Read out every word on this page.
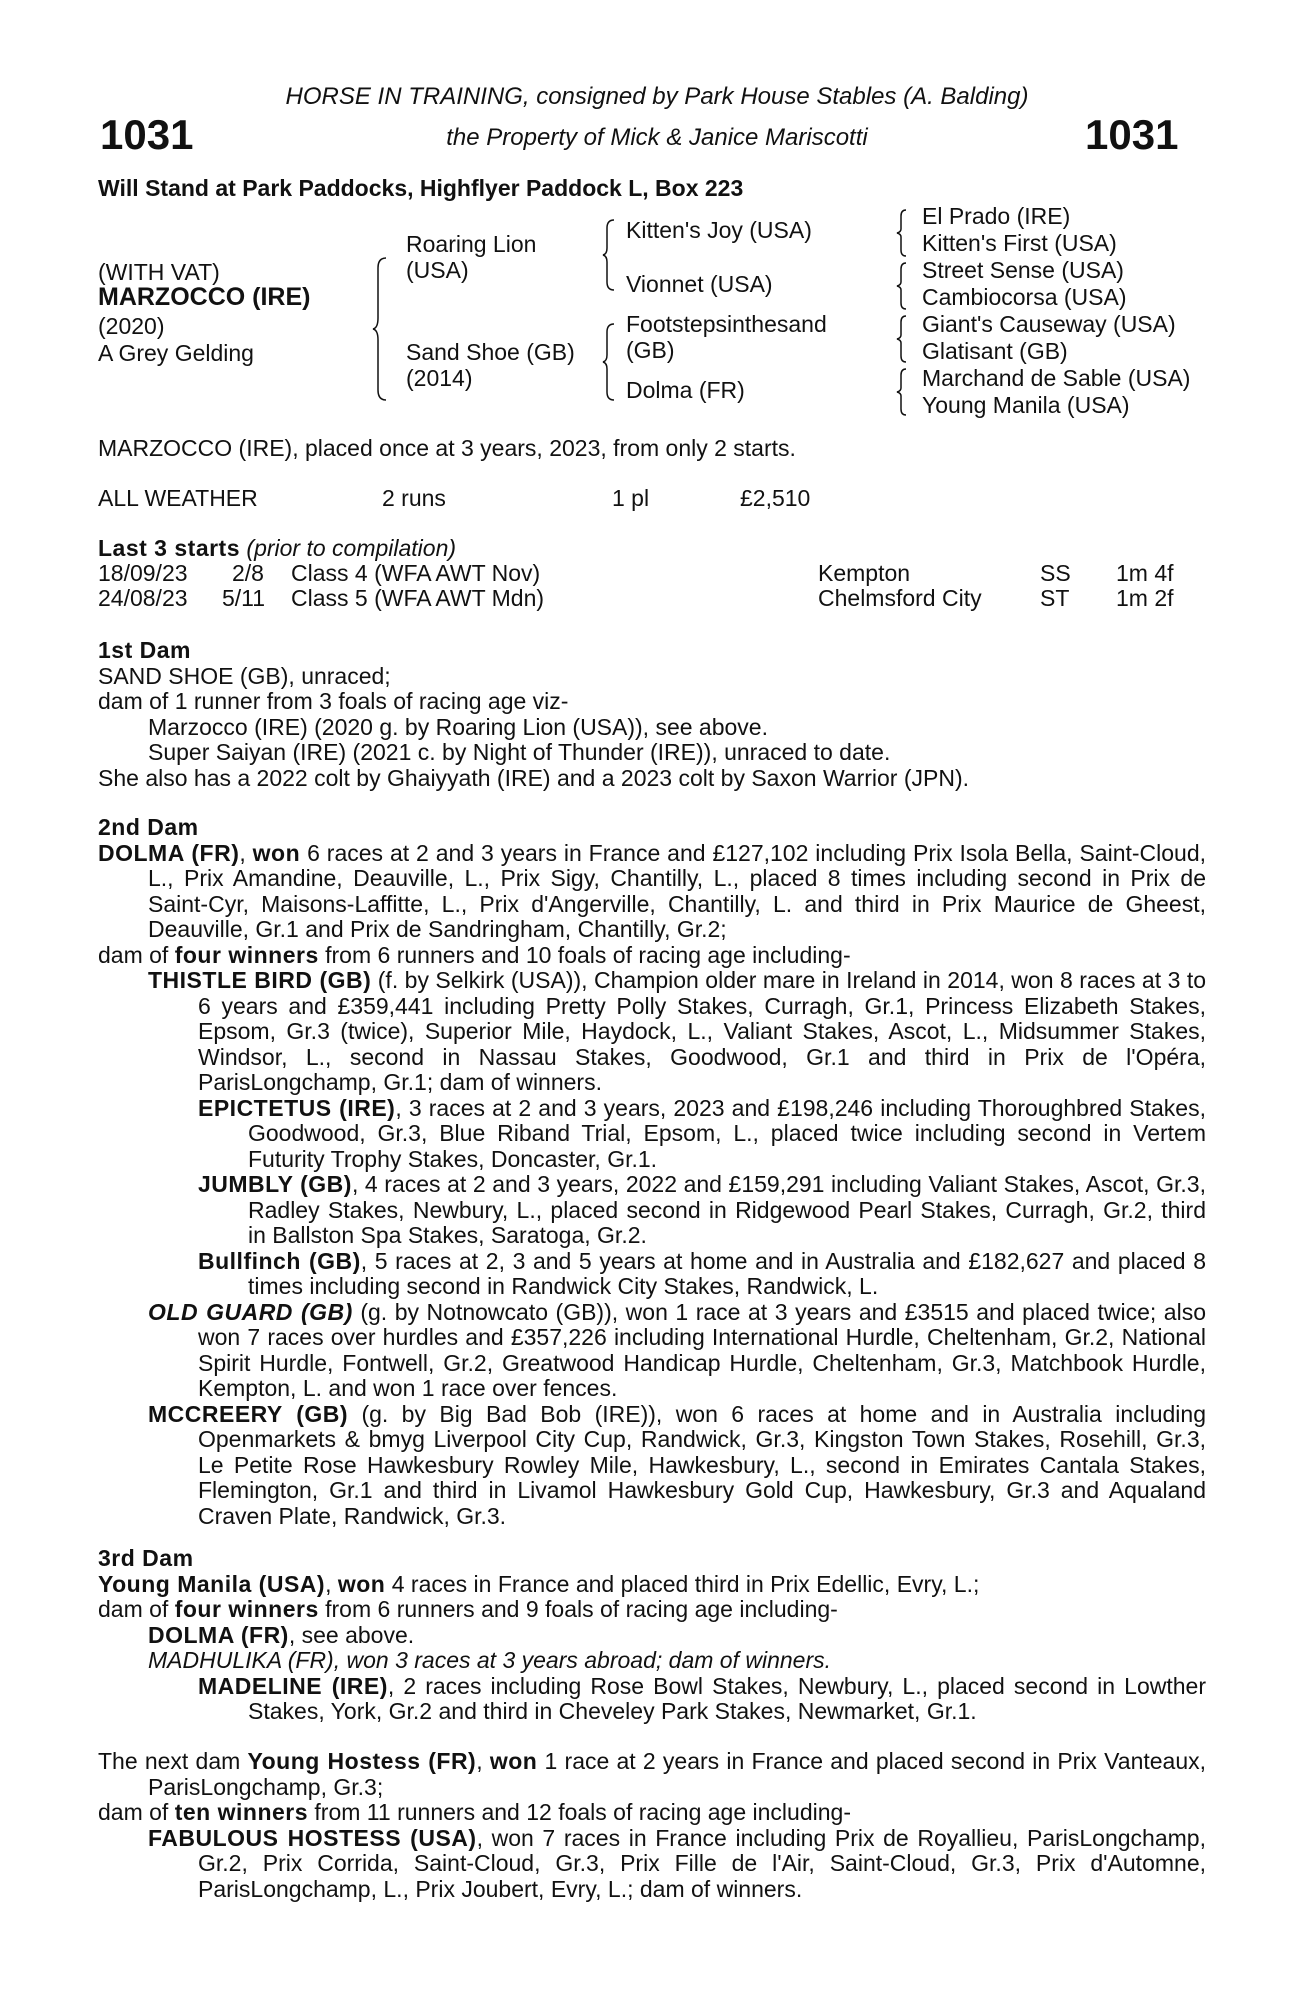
HORSE IN TRAINING, consigned by Park House Stables (A. Balding)
the Property of Mick & Janice Mariscotti
1031	1031
Will Stand at Park Paddocks, Highflyer Paddock L, Box 223
(WITH VAT)
MARZOCCO (IRE)
(2020)
A Grey Gelding
Roaring Lion
(USA)
Sand Shoe (GB)
(2014)
Kitten's Joy (USA)
Vionnet (USA)
Footstepsinthesand
(GB)
Dolma (FR)
El Prado (IRE)
Kitten's First (USA)
Street Sense (USA)
Cambiocorsa (USA)
Giant's Causeway (USA)
Glatisant (GB)
Marchand de Sable (USA)
Young Manila (USA)
MARZOCCO (IRE), placed once at 3 years, 2023, from only 2 starts.
ALL WEATHER	2 runs	1 pl	£2,510
Last 3 starts (prior to compilation)
18/09/23 2/8 Class 4 (WFA AWT Nov)	Kempton	SS 1m 4f
24/08/23 5/11 Class 5 (WFA AWT Mdn)	Chelmsford City	ST 1m 2f
1st Dam
SAND SHOE (GB), unraced;
dam of 1 runner from 3 foals of racing age viz-
Marzocco (IRE) (2020 g. by Roaring Lion (USA)), see above.
Super Saiyan (IRE) (2021 c. by Night of Thunder (IRE)), unraced to date.
She also has a 2022 colt by Ghaiyyath (IRE) and a 2023 colt by Saxon Warrior (JPN).
2nd Dam
DOLMA (FR), won 6 races at 2 and 3 years in France and £127,102 including Prix Isola Bella, Saint-Cloud, L., Prix Amandine, Deauville, L., Prix Sigy, Chantilly, L., placed 8 times including second in Prix de Saint-Cyr, Maisons-Laffitte, L., Prix d'Angerville, Chantilly, L. and third in Prix Maurice de Gheest, Deauville, Gr.1 and Prix de Sandringham, Chantilly, Gr.2;
dam of four winners from 6 runners and 10 foals of racing age including-
THISTLE BIRD (GB) (f. by Selkirk (USA)), Champion older mare in Ireland in 2014, won 8 races at 3 to 6 years and £359,441 including Pretty Polly Stakes, Curragh, Gr.1, Princess Elizabeth Stakes, Epsom, Gr.3 (twice), Superior Mile, Haydock, L., Valiant Stakes, Ascot, L., Midsummer Stakes, Windsor, L., second in Nassau Stakes, Goodwood, Gr.1 and third in Prix de l'Opéra, ParisLongchamp, Gr.1; dam of winners.
EPICTETUS (IRE), 3 races at 2 and 3 years, 2023 and £198,246 including Thoroughbred Stakes, Goodwood, Gr.3, Blue Riband Trial, Epsom, L., placed twice including second in Vertem Futurity Trophy Stakes, Doncaster, Gr.1.
JUMBLY (GB), 4 races at 2 and 3 years, 2022 and £159,291 including Valiant Stakes, Ascot, Gr.3, Radley Stakes, Newbury, L., placed second in Ridgewood Pearl Stakes, Curragh, Gr.2, third in Ballston Spa Stakes, Saratoga, Gr.2.
Bullfinch (GB), 5 races at 2, 3 and 5 years at home and in Australia and £182,627 and placed 8 times including second in Randwick City Stakes, Randwick, L.
OLD GUARD (GB) (g. by Notnowcato (GB)), won 1 race at 3 years and £3515 and placed twice; also won 7 races over hurdles and £357,226 including International Hurdle, Cheltenham, Gr.2, National Spirit Hurdle, Fontwell, Gr.2, Greatwood Handicap Hurdle, Cheltenham, Gr.3, Matchbook Hurdle, Kempton, L. and won 1 race over fences.
MCCREERY (GB) (g. by Big Bad Bob (IRE)), won 6 races at home and in Australia including Openmarkets & bmyg Liverpool City Cup, Randwick, Gr.3, Kingston Town Stakes, Rosehill, Gr.3, Le Petite Rose Hawkesbury Rowley Mile, Hawkesbury, L., second in Emirates Cantala Stakes, Flemington, Gr.1 and third in Livamol Hawkesbury Gold Cup, Hawkesbury, Gr.3 and Aqualand Craven Plate, Randwick, Gr.3.
3rd Dam
Young Manila (USA), won 4 races in France and placed third in Prix Edellic, Evry, L.;
dam of four winners from 6 runners and 9 foals of racing age including-
DOLMA (FR), see above.
MADHULIKA (FR), won 3 races at 3 years abroad; dam of winners.
MADELINE (IRE), 2 races including Rose Bowl Stakes, Newbury, L., placed second in Lowther Stakes, York, Gr.2 and third in Cheveley Park Stakes, Newmarket, Gr.1.
The next dam Young Hostess (FR), won 1 race at 2 years in France and placed second in Prix Vanteaux, ParisLongchamp, Gr.3;
dam of ten winners from 11 runners and 12 foals of racing age including-
FABULOUS HOSTESS (USA), won 7 races in France including Prix de Royallieu, ParisLongchamp, Gr.2, Prix Corrida, Saint-Cloud, Gr.3, Prix Fille de l'Air, Saint-Cloud, Gr.3, Prix d'Automne, ParisLongchamp, L., Prix Joubert, Evry, L.; dam of winners.
